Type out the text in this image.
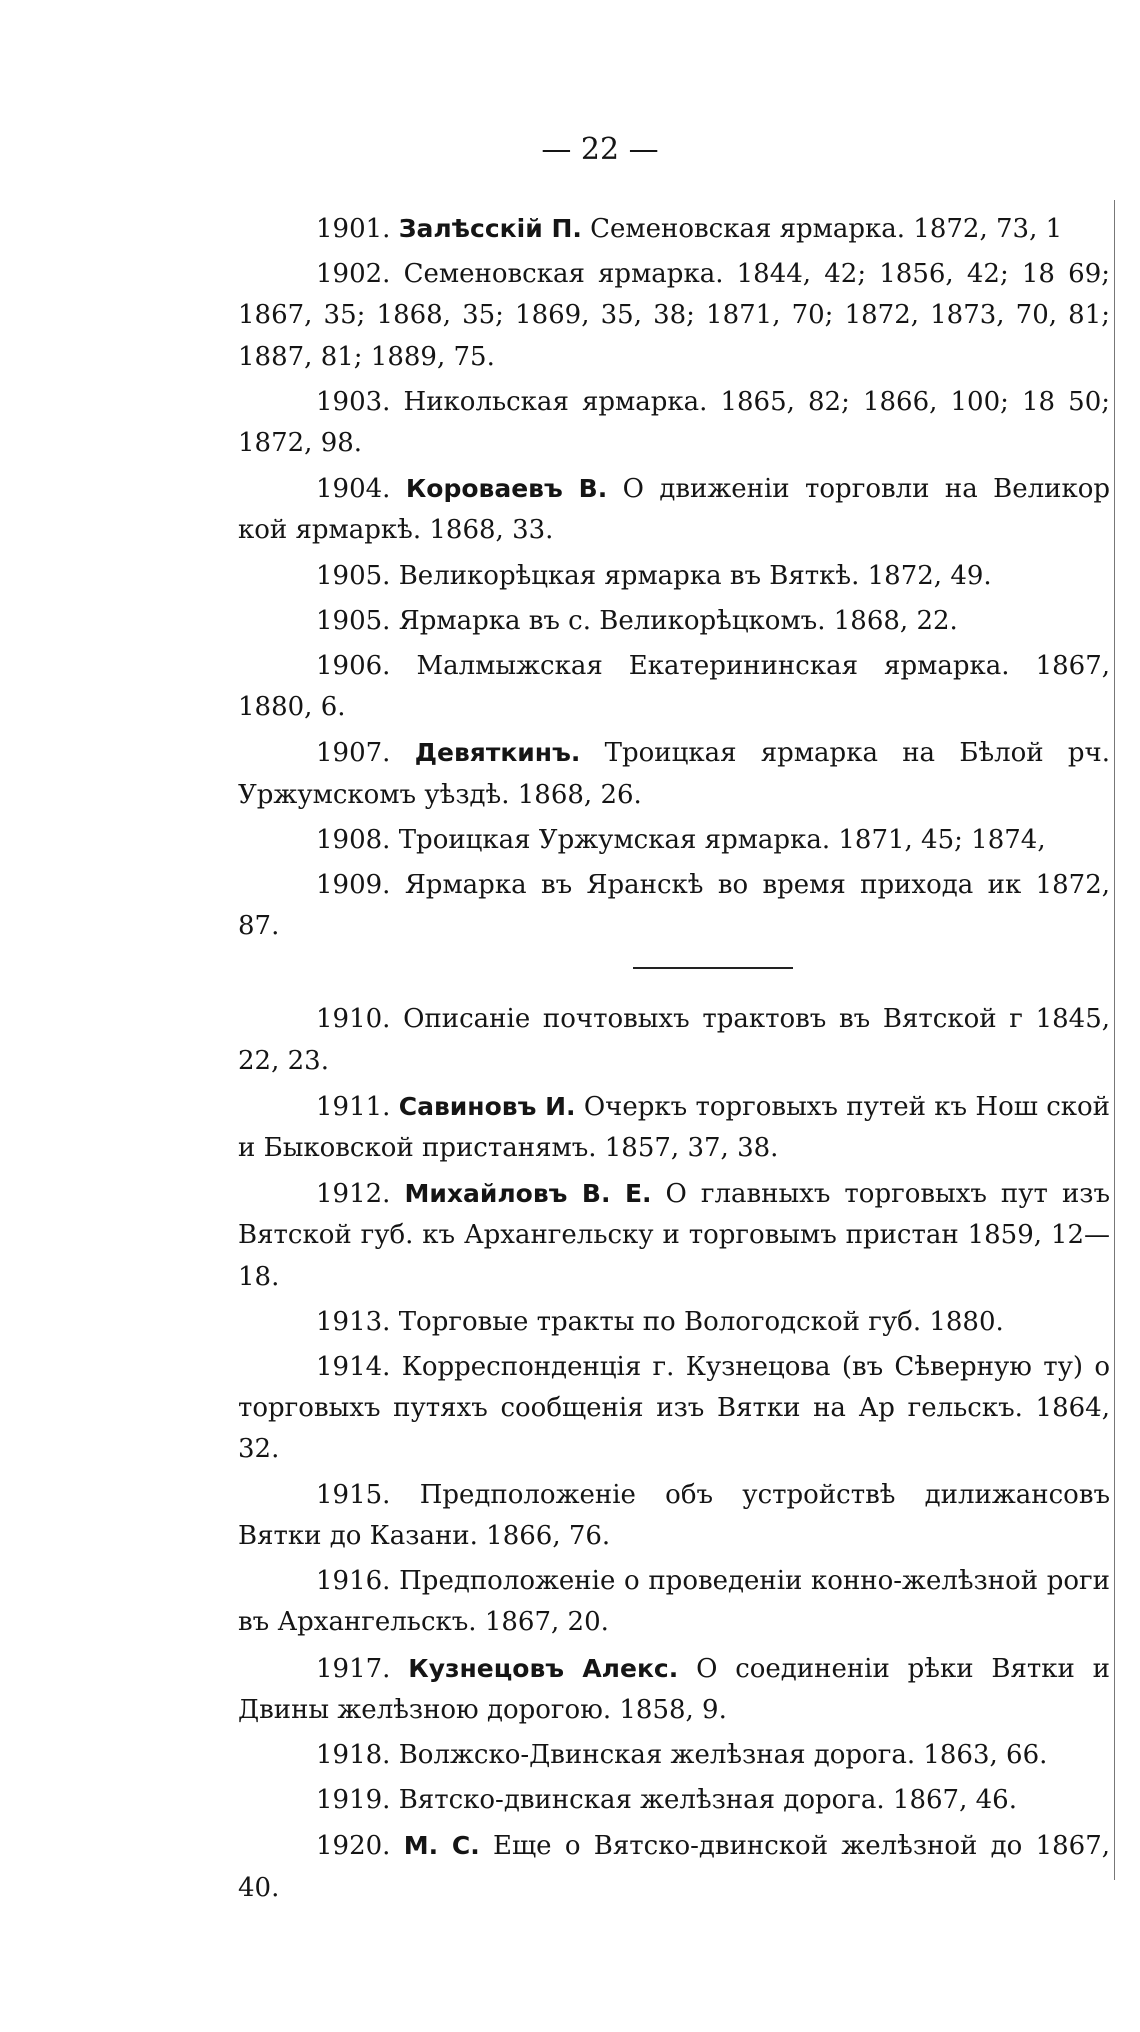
— 22 —

1901. Залѣсскій П. Семеновская ярмарка. 1872, 73, 1

1902. Семеновская ярмарка. 1844, 42; 1856, 42; 18 69; 1867, 35; 1868, 35; 1869, 35, 38; 1871, 70; 1872, 1873, 70, 81; 1887, 81; 1889, 75.

1903. Никольская ярмарка. 1865, 82; 1866, 100; 18 50; 1872, 98.

1904. Короваевъ В. О движеніи торговли на Великор кой ярмаркѣ. 1868, 33.

1905. Великорѣцкая ярмарка въ Вяткѣ. 1872, 49.

1905. Ярмарка въ с. Великорѣцкомъ. 1868, 22.

1906. Малмыжская Екатерининская ярмарка. 1867, 1880, 6.

1907. Девяткинъ. Троицкая ярмарка на Бѣлой рч. Уржумскомъ уѣздѣ. 1868, 26.

1908. Троицкая Уржумская ярмарка. 1871, 45; 1874,

1909. Ярмарка въ Яранскѣ во время прихода ик 1872, 87.

1910. Описаніе почтовыхъ трактовъ въ Вятской г 1845, 22, 23.

1911. Савиновъ И. Очеркъ торговыхъ путей къ Нош ской и Быковской пристанямъ. 1857, 37, 38.

1912. Михайловъ В. Е. О главныхъ торговыхъ пут изъ Вятской губ. къ Архангельску и торговымъ пристан 1859, 12—18.

1913. Торговые тракты по Вологодской губ. 1880.

1914. Корреспонденція г. Кузнецова (въ Сѣверную ту) о торговыхъ путяхъ сообщенія изъ Вятки на Ар гельскъ. 1864, 32.

1915. Предположеніе объ устройствѣ дилижансовъ Вятки до Казани. 1866, 76.

1916. Предположеніе о проведеніи конно-желѣзной роги въ Архангельскъ. 1867, 20.

1917. Кузнецовъ Алекс. О соединеніи рѣки Вятки и Двины желѣзною дорогою. 1858, 9.

1918. Волжско-Двинская желѣзная дорога. 1863, 66.

1919. Вятско-двинская желѣзная дорога. 1867, 46.

1920. М. С. Еще о Вятско-двинской желѣзной до 1867, 40.
